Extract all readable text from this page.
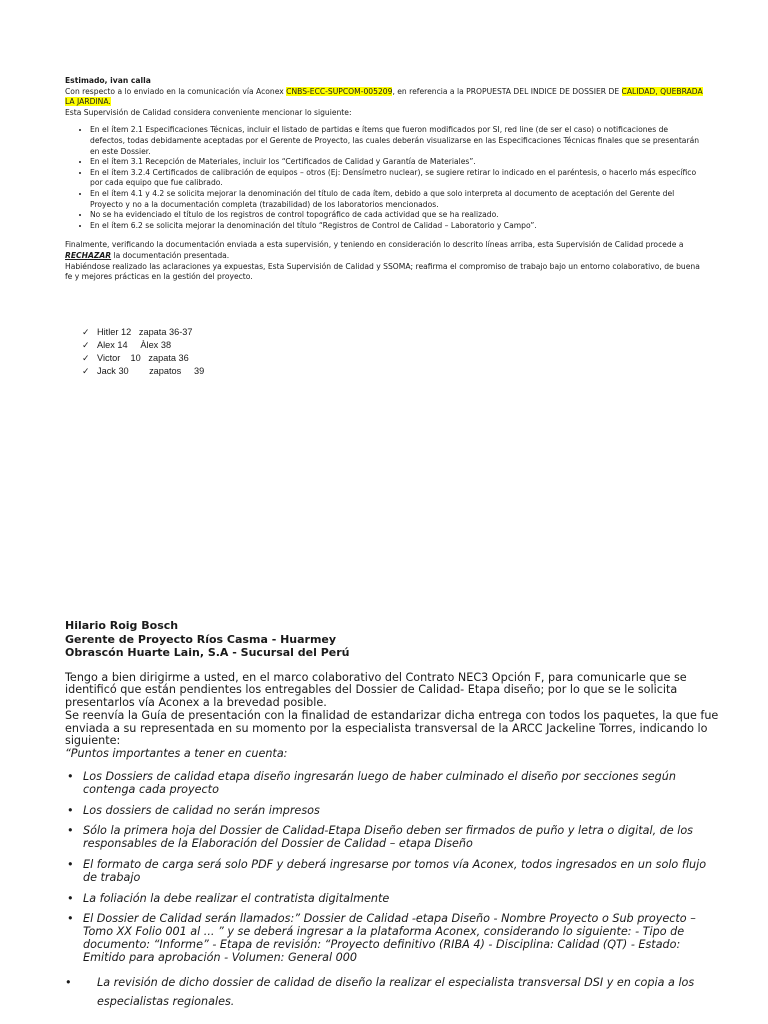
Estimado, ivan calla

Con respecto a lo enviado en la comunicación vía Aconex CNBS-ECC-SUPCOM-005209, en referencia a la PROPUESTA DEL INDICE DE DOSSIER DE CALIDAD, QUEBRADA LA JARDINA.

Esta Supervisión de Calidad considera conveniente mencionar lo siguiente:

• En el ítem 2.1 Especificaciones Técnicas, incluir el listado de partidas e ítems que fueron modificados por SI, red line (de ser el caso) o notificaciones de defectos, todas debidamente aceptadas por el Gerente de Proyecto, las cuales deberán visualizarse en las Especificaciones Técnicas finales que se presentarán en este Dossier.
• En el ítem 3.1 Recepción de Materiales, incluir los “Certificados de Calidad y Garantía de Materiales”.
• En el ítem 3.2.4 Certificados de calibración de equipos – otros (Ej: Densímetro nuclear), se sugiere retirar lo indicado en el paréntesis, o hacerlo más específico por cada equipo que fue calibrado.
• En el ítem 4.1 y 4.2 se solicita mejorar la denominación del título de cada ítem, debido a que solo interpreta al documento de aceptación del Gerente del Proyecto y no a la documentación completa (trazabilidad) de los laboratorios mencionados.
• No se ha evidenciado el título de los registros de control topográfico de cada actividad que se ha realizado.
• En el ítem 6.2 se solicita mejorar la denominación del título “Registros de Control de Calidad – Laboratorio y Campo”.

Finalmente, verificando la documentación enviada a esta supervisión, y teniendo en consideración lo descrito líneas arriba, esta Supervisión de Calidad procede a RECHAZAR la documentación presentada.

Habiéndose realizado las aclaraciones ya expuestas, Esta Supervisión de Calidad y SSOMA; reafirma el compromiso de trabajo bajo un entorno colaborativo, de buena fe y mejores prácticas en la gestión del proyecto.

✓ Hitler 12   zapata 36-37
✓ Alex 14     Àlex 38
✓ Victor    10   zapata 36
✓ Jack 30        zapatos     39
Hilario Roig Bosch
Gerente de Proyecto Ríos Casma - Huarmey
Obrascón Huarte Lain, S.A - Sucursal del Perú

Tengo a bien dirigirme a usted, en el marco colaborativo del Contrato NEC3 Opción F, para comunicarle que se identificó que están pendientes los entregables del Dossier de Calidad- Etapa diseño; por lo que se le solicita presentarlos vía Aconex a la brevedad posible.

Se reenvía la Guía de presentación con la finalidad de estandarizar dicha entrega con todos los paquetes, la que fue enviada a su representada en su momento por la especialista transversal de la ARCC Jackeline Torres, indicando lo siguiente:

“Puntos importantes a tener en cuenta:

• Los Dossiers de calidad etapa diseño ingresarán luego de haber culminado el diseño por secciones según contenga cada proyecto
• Los dossiers de calidad no serán impresos
• Sólo la primera hoja del Dossier de Calidad-Etapa Diseño deben ser firmados de puño y letra o digital, de los responsables de la Elaboración del Dossier de Calidad – etapa Diseño
• El formato de carga será solo PDF y deberá ingresarse por tomos vía Aconex, todos ingresados en un solo flujo de trabajo
• La foliación la debe realizar el contratista digitalmente
• El Dossier de Calidad serán llamados:” Dossier de Calidad -etapa Diseño - Nombre Proyecto o Sub proyecto – Tomo XX Folio 001 al ... ” y se deberá ingresar a la plataforma Aconex, considerando lo siguiente: - Tipo de documento: “Informe” - Etapa de revisión: “Proyecto definitivo (RIBA 4) - Disciplina: Calidad (QT) - Estado: Emitido para aprobación - Volumen: General 000
• La revisión de dicho dossier de calidad de diseño la realizar el especialista transversal DSI y en copia a los especialistas regionales.
